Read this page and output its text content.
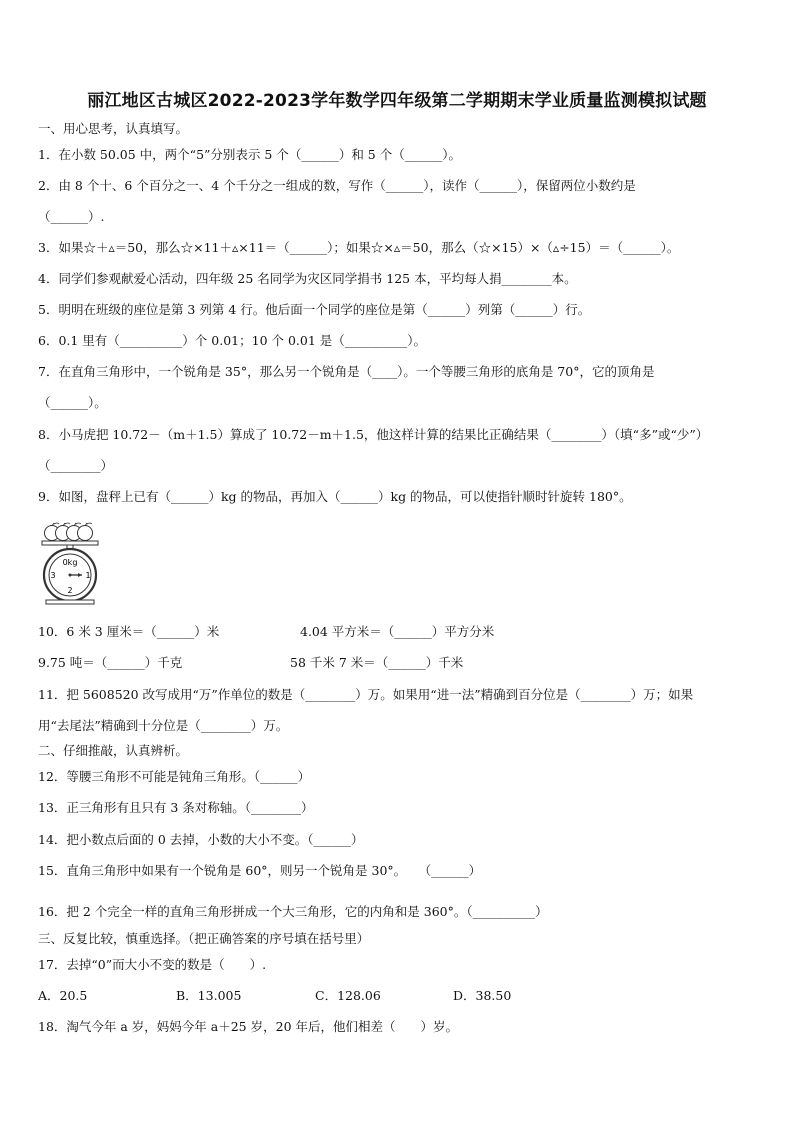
丽江地区古城区2022-2023学年数学四年级第二学期期末学业质量监测模拟试题
一、用心思考，认真填写。
1．在小数 50.05 中，两个“5”分别表示 5 个（______）和 5 个（______）。
2．由 8 个十、6 个百分之一、4 个千分之一组成的数，写作（______），读作（______），保留两位小数约是
（______）.
3．如果☆＋▵＝50，那么☆×11＋▵×11＝（______）；如果☆×▵＝50，那么（☆×15）×（▵÷15）＝（______）。
4．同学们参观献爱心活动，四年级 25 名同学为灾区同学捐书 125 本，平均每人捐________本。
5．明明在班级的座位是第 3 列第 4 行。他后面一个同学的座位是第（______）列第（______）行。
6．0.1 里有（__________）个 0.01；10 个 0.01 是（__________）。
7．在直角三角形中，一个锐角是 35°，那么另一个锐角是（____）。一个等腰三角形的底角是 70°，它的顶角是
（______）。
8．小马虎把 10.72－（m＋1.5）算成了 10.72－m＋1.5，他这样计算的结果比正确结果（________）（填“多”或“少”）
（________）
9．如图，盘秤上已有（______）kg 的物品，再加入（______）kg 的物品，可以使指针顺时针旋转 180°。
0kg
3	1
2
10．6 米 3 厘米＝（______）米	4.04 平方米＝（______）平方分米
9.75 吨＝（______）千克	58 千米 7 米＝（______）千米
11．把 5608520 改写成用“万”作单位的数是（________）万。如果用“进一法”精确到百分位是（________）万；如果
用“去尾法”精确到十分位是（________）万。
二、仔细推敲，认真辨析。
12．等腰三角形不可能是钝角三角形。（______）
13．正三角形有且只有 3 条对称轴。（________）
14．把小数点后面的 0 去掉，小数的大小不变。（______）
15．直角三角形中如果有一个锐角是 60°，则另一个锐角是 30°。　　（______）
16．把 2 个完全一样的直角三角形拼成一个大三角形，它的内角和是 360°。（__________）
三、反复比较，慎重选择。（把正确答案的序号填在括号里）
17．去掉“0”而大小不变的数是（　　）.
A．20.5	B．13.005	C．128.06	D．38.50
18．淘气今年 a 岁，妈妈今年 a＋25 岁，20 年后，他们相差（　　）岁。
